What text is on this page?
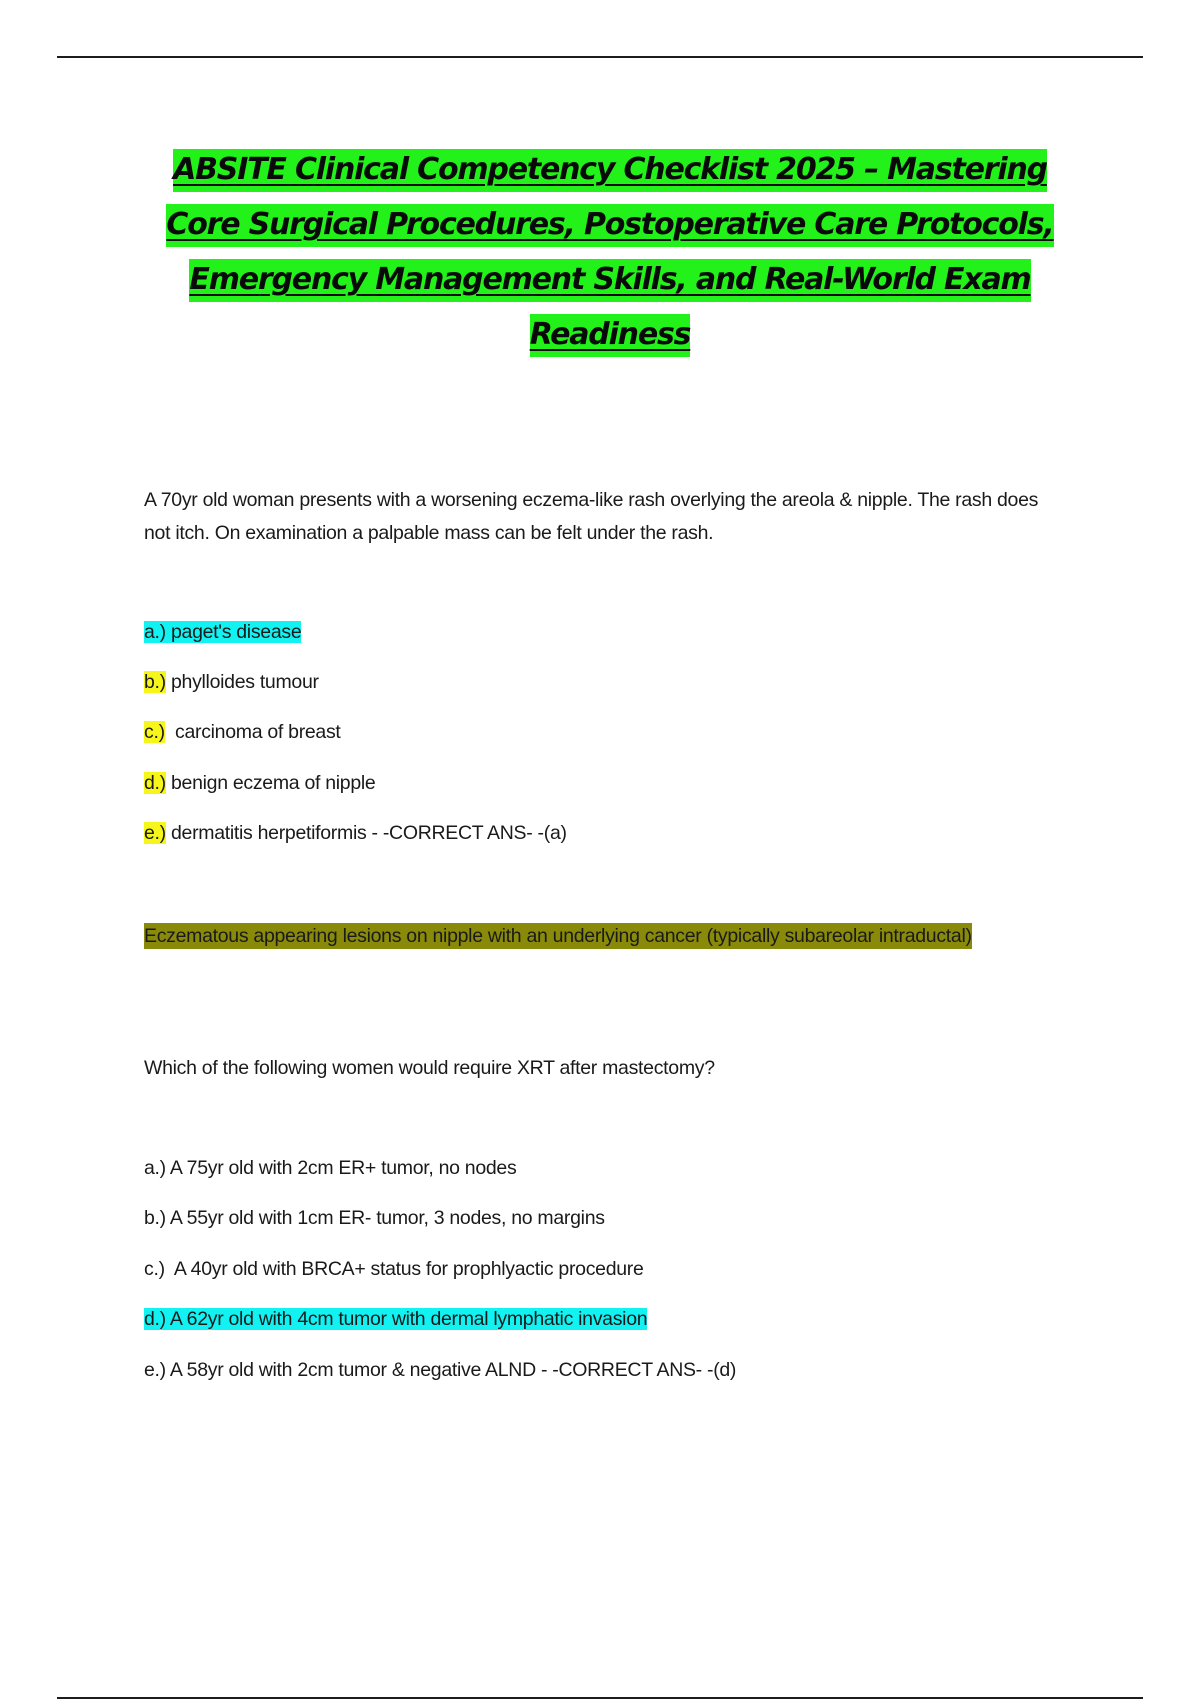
ABSITE Clinical Competency Checklist 2025 – Mastering
Core Surgical Procedures, Postoperative Care Protocols,
Emergency Management Skills, and Real-World Exam
Readiness
A 70yr old woman presents with a worsening eczema-like rash overlying the areola & nipple. The rash does not itch. On examination a palpable mass can be felt under the rash.
a.) paget's disease
b.) phylloides tumour
c.)  carcinoma of breast
d.) benign eczema of nipple
e.) dermatitis herpetiformis - -CORRECT ANS- -(a)
Eczematous appearing lesions on nipple with an underlying cancer (typically subareolar intraductal)
Which of the following women would require XRT after mastectomy?
a.) A 75yr old with 2cm ER+ tumor, no nodes
b.) A 55yr old with 1cm ER- tumor, 3 nodes, no margins
c.)  A 40yr old with BRCA+ status for prophlyactic procedure
d.) A 62yr old with 4cm tumor with dermal lymphatic invasion
e.) A 58yr old with 2cm tumor & negative ALND - -CORRECT ANS- -(d)
